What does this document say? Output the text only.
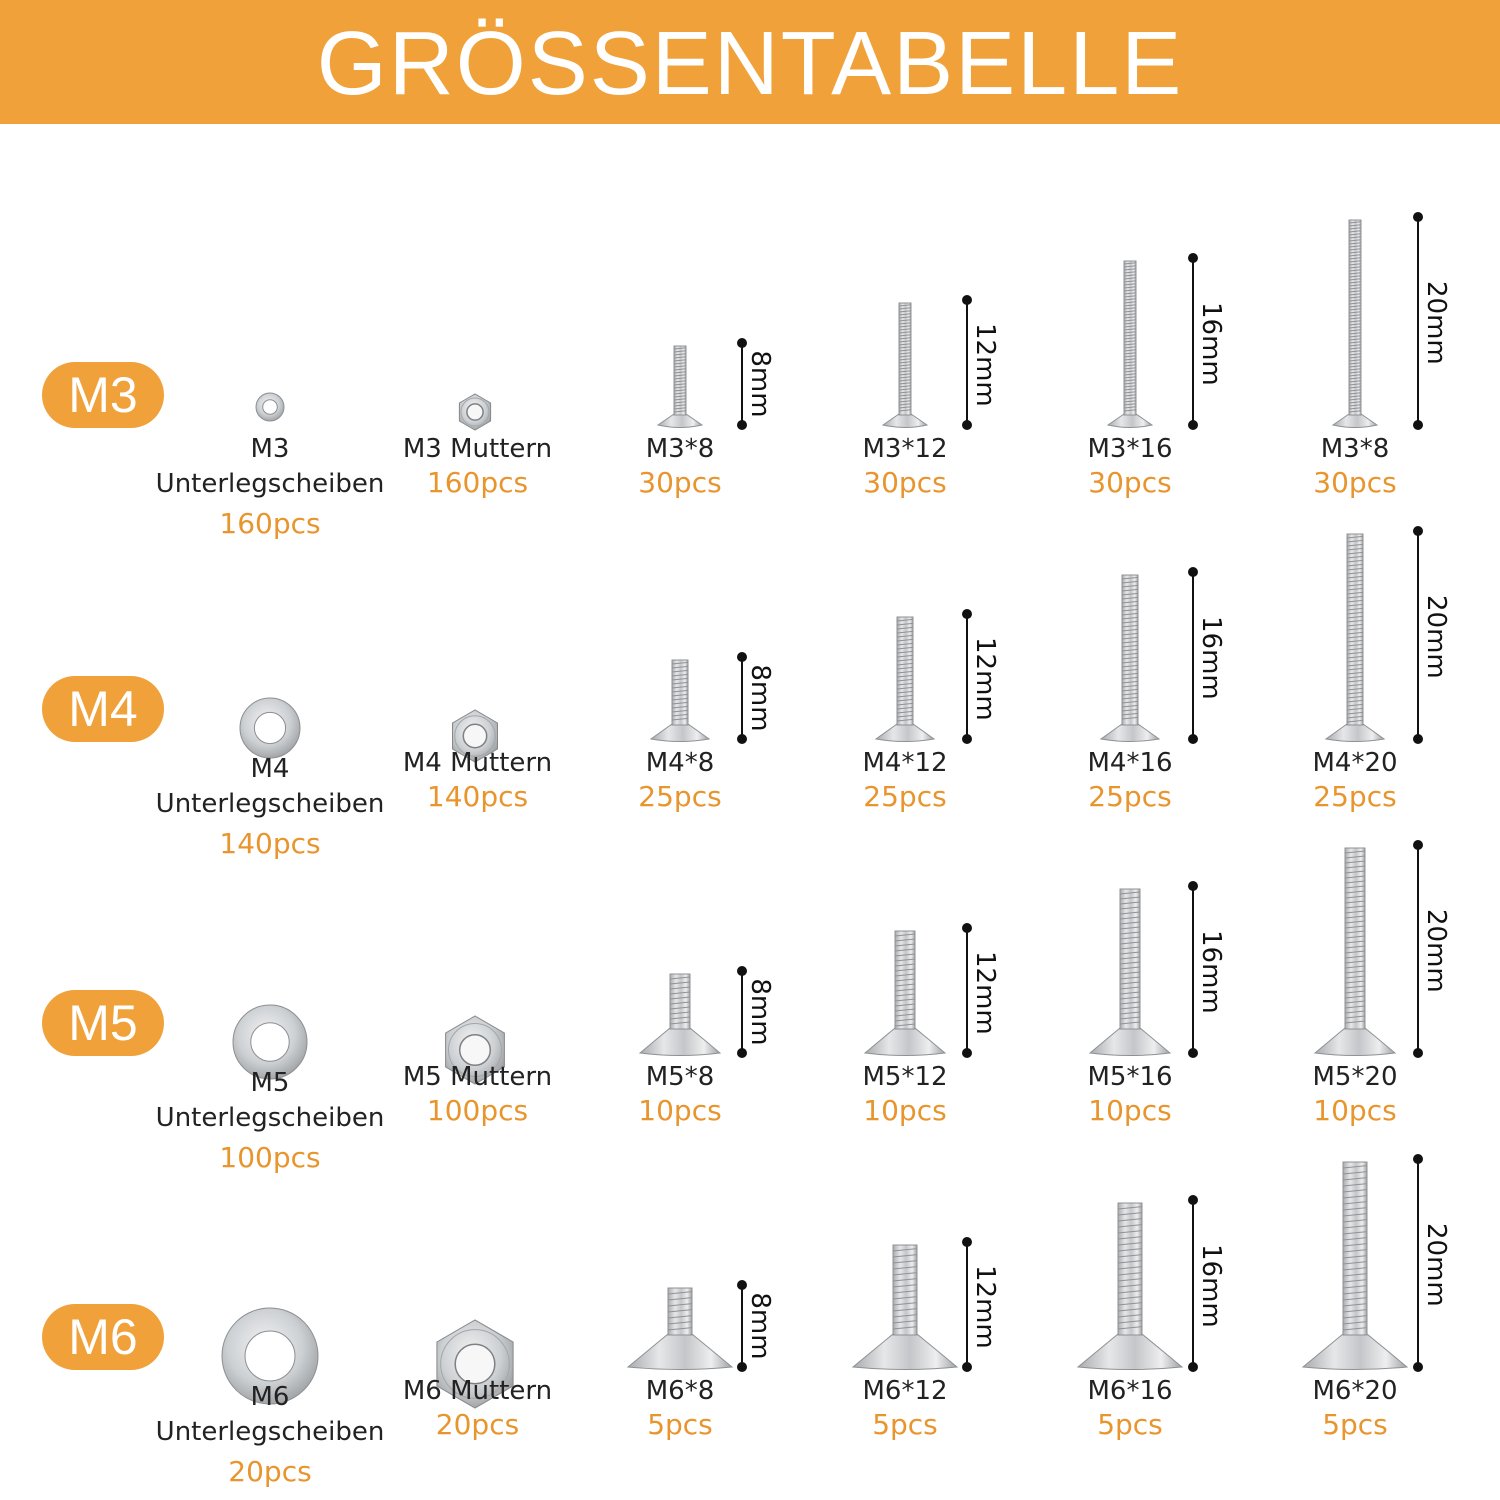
GRÖSSENTABELLE
M3
M3
Unterlegscheiben
160pcs
M3 Muttern
160pcs
8mm
M3*8
30pcs
12mm
M3*12
30pcs
16mm
M3*16
30pcs
20mm
M3*8
30pcs
M4
M4
Unterlegscheiben
140pcs
M4 Muttern
140pcs
8mm
M4*8
25pcs
12mm
M4*12
25pcs
16mm
M4*16
25pcs
20mm
M4*20
25pcs
M5
M5
Unterlegscheiben
100pcs
M5 Muttern
100pcs
8mm
M5*8
10pcs
12mm
M5*12
10pcs
16mm
M5*16
10pcs
20mm
M5*20
10pcs
M6
M6
Unterlegscheiben
20pcs
M6 Muttern
20pcs
8mm
M6*8
5pcs
12mm
M6*12
5pcs
16mm
M6*16
5pcs
20mm
M6*20
5pcs
